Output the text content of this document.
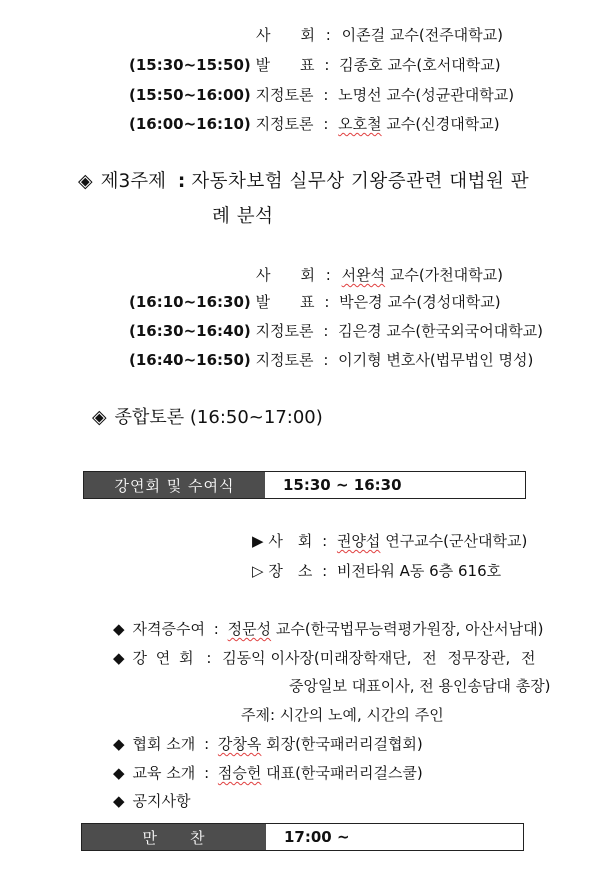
사　　회 : 이존걸 교수(전주대학교)
(15:30~15:50) 발　　표 : 김종호 교수(호서대학교)
(15:50~16:00) 지정토론 : 노명선 교수(성균관대학교)
(16:00~16:10) 지정토론 : 오호철 교수(신경대학교)
◈ 제3주제 : 자동차보험 실무상 기왕증관련 대법원 판
례 분석
사　　회 : 서완석 교수(가천대학교)
(16:10~16:30) 발　　표 : 박은경 교수(경성대학교)
(16:30~16:40) 지정토론 : 김은경 교수(한국외국어대학교)
(16:40~16:50) 지정토론 : 이기형 변호사(법무법인 명성)
◈ 종합토론 (16:50~17:00)
강연회 및 수여식	15:30 ~ 16:30
▶ 사　회 : 권양섭 연구교수(군산대학교)
▷ 장　소 : 비전타워 A동 6층 616호
◆ 자격증수여 : 정문성 교수(한국법무능력평가원장, 아산서남대)
◆ 강 연 회 : 김동익 이사장(미래장학재단, 전 정무장관, 전
중앙일보 대표이사, 전 용인송담대 총장)
주제: 시간의 노예, 시간의 주인
◆ 협회 소개 : 강창옥 회장(한국패러리걸협회)
◆ 교육 소개 : 점승헌 대표(한국패러리걸스쿨)
◆ 공지사항
만　　찬	17:00 ~
